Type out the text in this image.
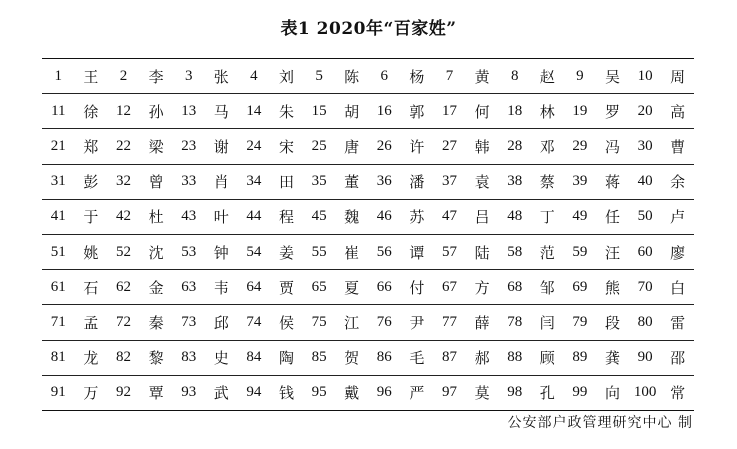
表1 2020年“百家姓”
1	王	2	李	3	张	4	刘	5	陈	6	杨	7	黄	8	赵	9	吴	10	周
11	徐	12	孙	13	马	14	朱	15	胡	16	郭	17	何	18	林	19	罗	20	高
21	郑	22	梁	23	谢	24	宋	25	唐	26	许	27	韩	28	邓	29	冯	30	曹
31	彭	32	曾	33	肖	34	田	35	董	36	潘	37	袁	38	蔡	39	蒋	40	余
41	于	42	杜	43	叶	44	程	45	魏	46	苏	47	吕	48	丁	49	任	50	卢
51	姚	52	沈	53	钟	54	姜	55	崔	56	谭	57	陆	58	范	59	汪	60	廖
61	石	62	金	63	韦	64	贾	65	夏	66	付	67	方	68	邹	69	熊	70	白
71	孟	72	秦	73	邱	74	侯	75	江	76	尹	77	薛	78	闫	79	段	80	雷
81	龙	82	黎	83	史	84	陶	85	贺	86	毛	87	郝	88	顾	89	龚	90	邵
91	万	92	覃	93	武	94	钱	95	戴	96	严	97	莫	98	孔	99	向 100 常
公安部户政管理研究中心 制
